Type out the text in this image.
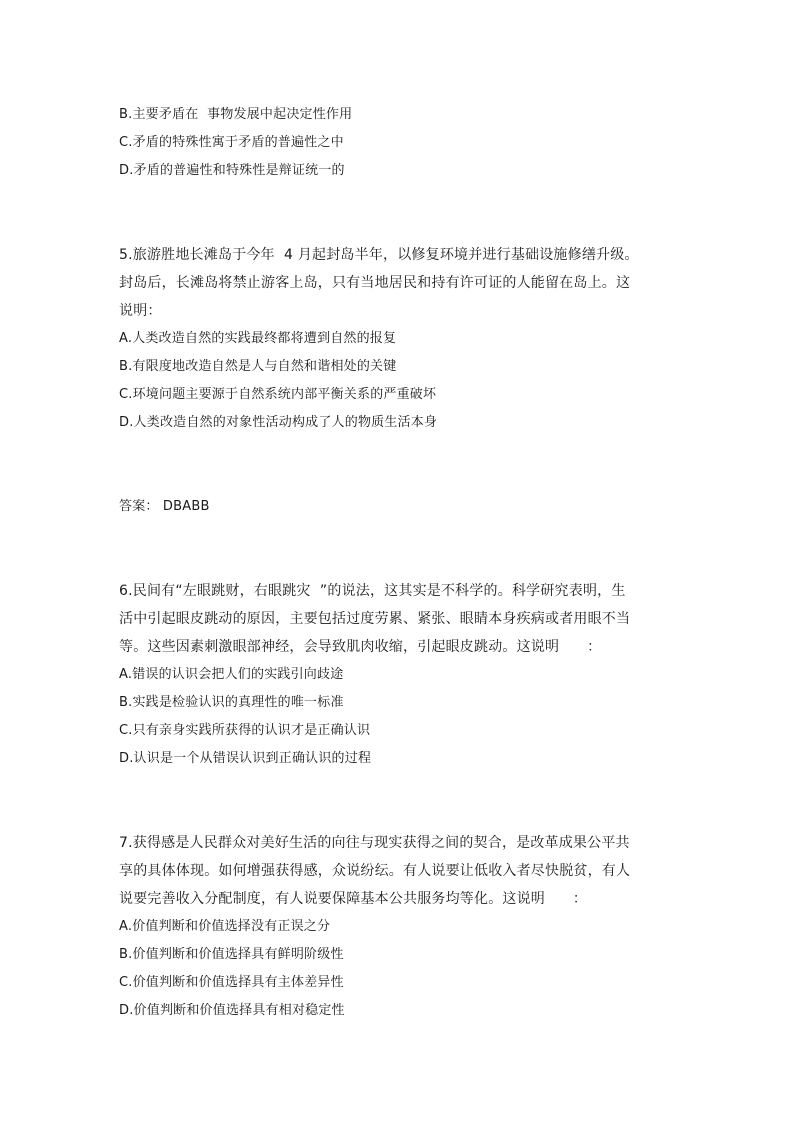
B.主要矛盾在  事物发展中起决定性作用
C.矛盾的特殊性寓于矛盾的普遍性之中
D.矛盾的普遍性和特殊性是辩证统一的
5.旅游胜地长滩岛于今年  4 月起封岛半年，以修复环境并进行基础设施修缮升级。
封岛后，长滩岛将禁止游客上岛，只有当地居民和持有许可证的人能留在岛上。这
说明：
A.人类改造自然的实践最终都将遭到自然的报复
B.有限度地改造自然是人与自然和谐相处的关键
C.环境问题主要源于自然系统内部平衡关系的严重破坏
D.人类改造自然的对象性活动构成了人的物质生活本身
答案： DBABB
6.民间有“左眼跳财，右眼跳灾  ”的说法，这其实是不科学的。科学研究表明，生
活中引起眼皮跳动的原因，主要包括过度劳累、紧张、眼睛本身疾病或者用眼不当
等。这些因素刺激眼部神经，会导致肌肉收缩，引起眼皮跳动。这说明      ：
A.错误的认识会把人们的实践引向歧途
B.实践是检验认识的真理性的唯一标准
C.只有亲身实践所获得的认识才是正确认识
D.认识是一个从错误认识到正确认识的过程
7.获得感是人民群众对美好生活的向往与现实获得之间的契合，是改革成果公平共
享的具体体现。如何增强获得感，众说纷纭。有人说要让低收入者尽快脱贫，有人
说要完善收入分配制度，有人说要保障基本公共服务均等化。这说明      ：
A.价值判断和价值选择没有正误之分
B.价值判断和价值选择具有鲜明阶级性
C.价值判断和价值选择具有主体差异性
D.价值判断和价值选择具有相对稳定性
